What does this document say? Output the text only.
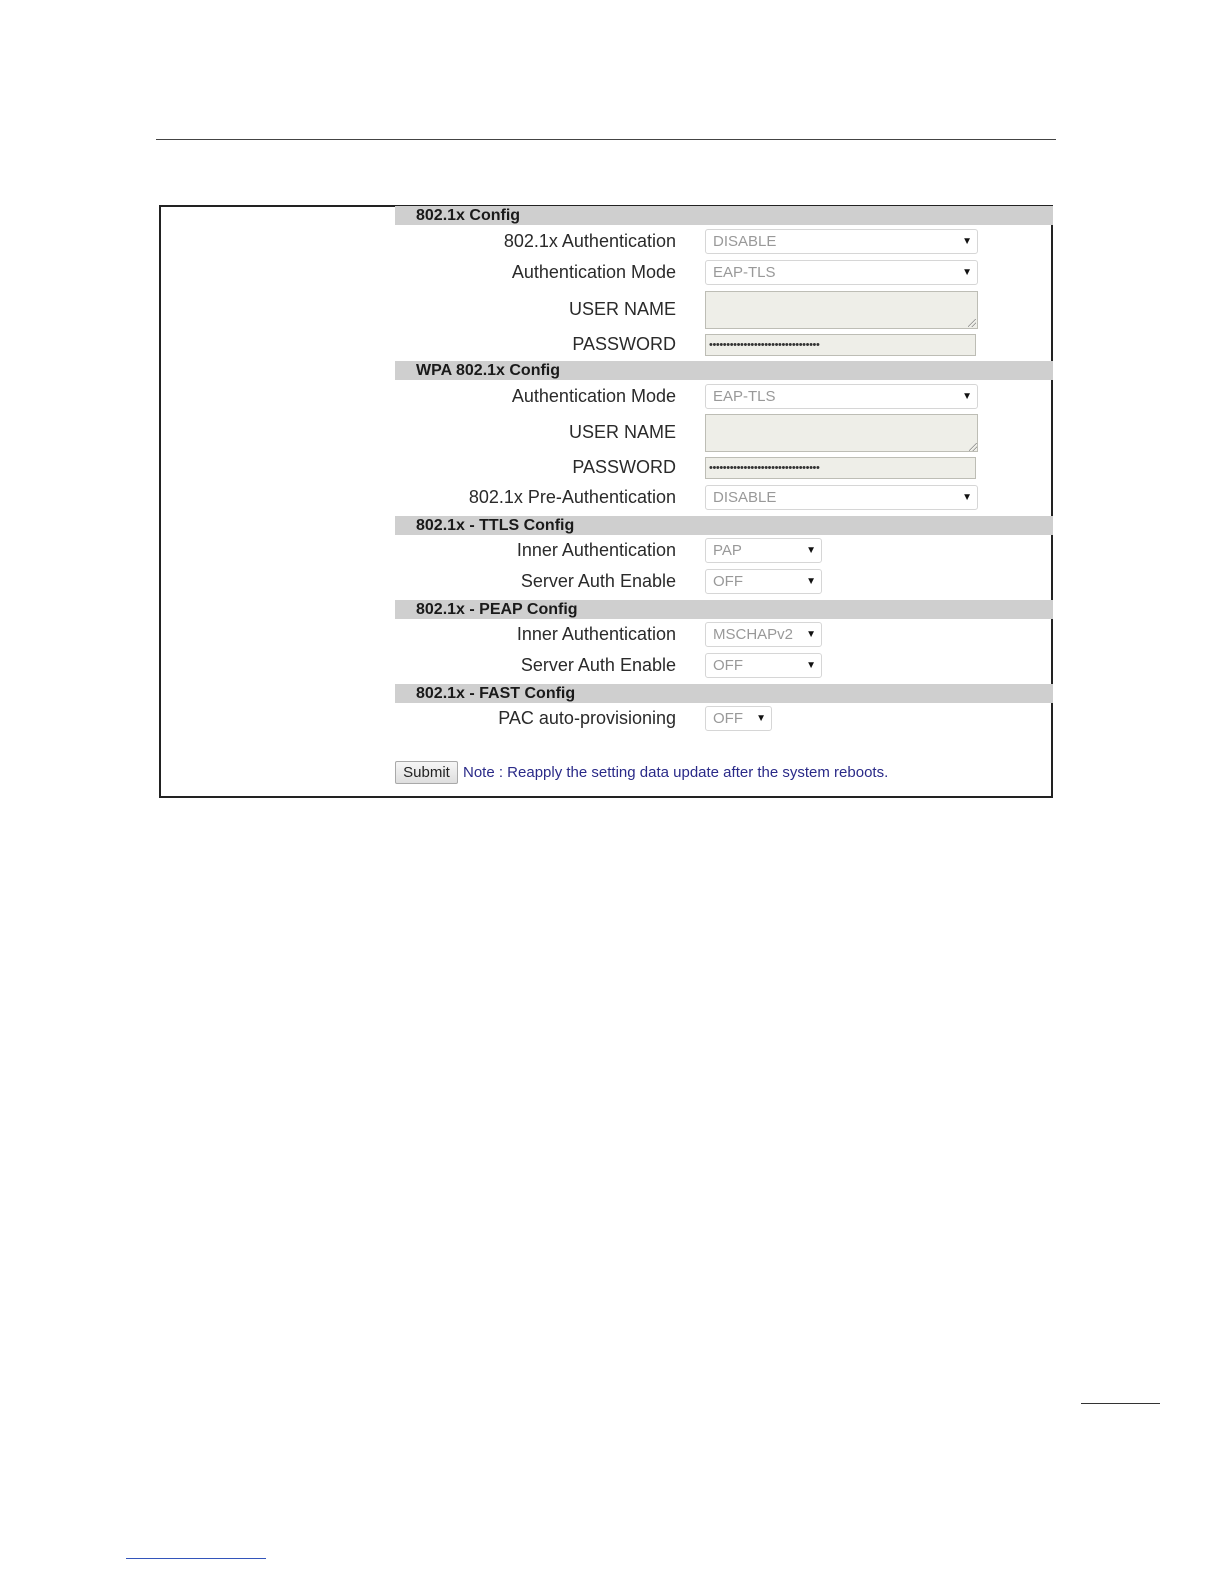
802.1x Config
802.1x Authentication	DISABLE	▼
Authentication Mode	EAP-TLS	▼
USER NAME
PASSWORD	••••••••••••••••••••••••••••••••
WPA 802.1x Config
Authentication Mode	EAP-TLS	▼
USER NAME
PASSWORD	••••••••••••••••••••••••••••••••
802.1x Pre-Authentication	DISABLE	▼
802.1x - TTLS Config
Inner Authentication	PAP	▼
Server Auth Enable	OFF	▼
802.1x - PEAP Config
Inner Authentication	MSCHAPv2 ▼
Server Auth Enable	OFF	▼
802.1x - FAST Config
PAC auto-provisioning	OFF ▼
Submit Note : Reapply the setting data update after the system reboots.
